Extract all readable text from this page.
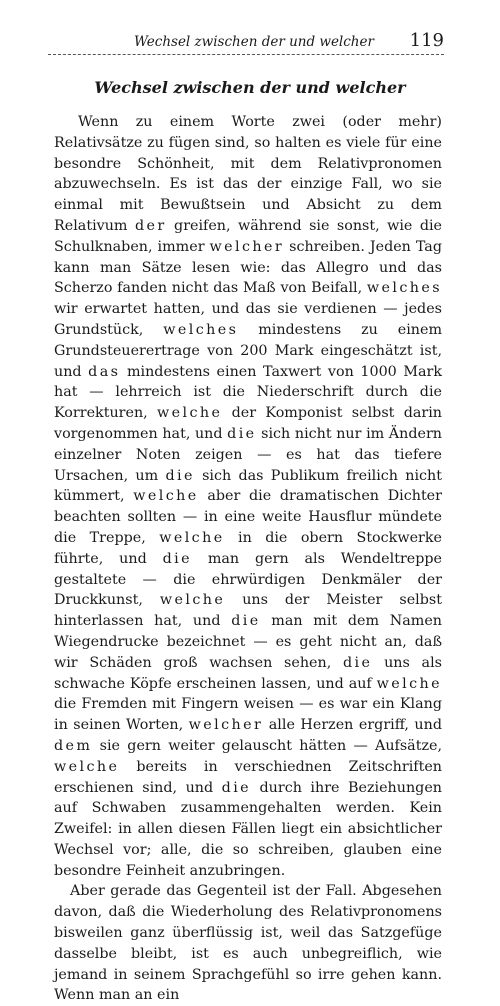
Wechsel zwischen der und welcher 119
Wechsel zwischen der und welcher

Wenn zu einem Worte zwei (oder mehr) Relativsätze zu fügen sind, so halten es viele für eine besondre Schönheit, mit dem Relativpronomen abzuwechseln. Es ist das der einzige Fall, wo sie einmal mit Bewußtsein und Absicht zu dem Relativum der greifen, während sie sonst, wie die Schulknaben, immer welcher schreiben. Jeden Tag kann man Sätze lesen wie: das Allegro und das Scherzo fanden nicht das Maß von Beifall, welches wir erwartet hatten, und das sie verdienen — jedes Grundstück, welches mindestens zu einem Grundsteuerertrage von 200 Mark eingeschätzt ist, und das mindestens einen Taxwert von 1000 Mark hat — lehrreich ist die Niederschrift durch die Korrekturen, welche der Komponist selbst darin vorgenommen hat, und die sich nicht nur im Ändern einzelner Noten zeigen — es hat das tiefere Ursachen, um die sich das Publikum freilich nicht kümmert, welche aber die dramatischen Dichter beachten sollten — in eine weite Hausflur mündete die Treppe, welche in die obern Stockwerke führte, und die man gern als Wendeltreppe gestaltete — die ehrwürdigen Denkmäler der Druckkunst, welche uns der Meister selbst hinterlassen hat, und die man mit dem Namen Wiegendrucke bezeichnet — es geht nicht an, daß wir Schäden groß wachsen sehen, die uns als schwache Köpfe erscheinen lassen, und auf welche die Fremden mit Fingern weisen — es war ein Klang in seinen Worten, welcher alle Herzen ergriff, und dem sie gern weiter gelauscht hätten — Aufsätze, welche bereits in verschiednen Zeitschriften erschienen sind, und die durch ihre Beziehungen auf Schwaben zusammengehalten werden. Kein Zweifel: in allen diesen Fällen liegt ein absichtlicher Wechsel vor; alle, die so schreiben, glauben eine besondre Feinheit anzubringen.

Aber gerade das Gegenteil ist der Fall. Abgesehen davon, daß die Wiederholung des Relativpronomens bisweilen ganz überflüssig ist, weil das Satzgefüge dasselbe bleibt, ist es auch unbegreiflich, wie jemand in seinem Sprachgefühl so irre gehen kann. Wenn man an ein
